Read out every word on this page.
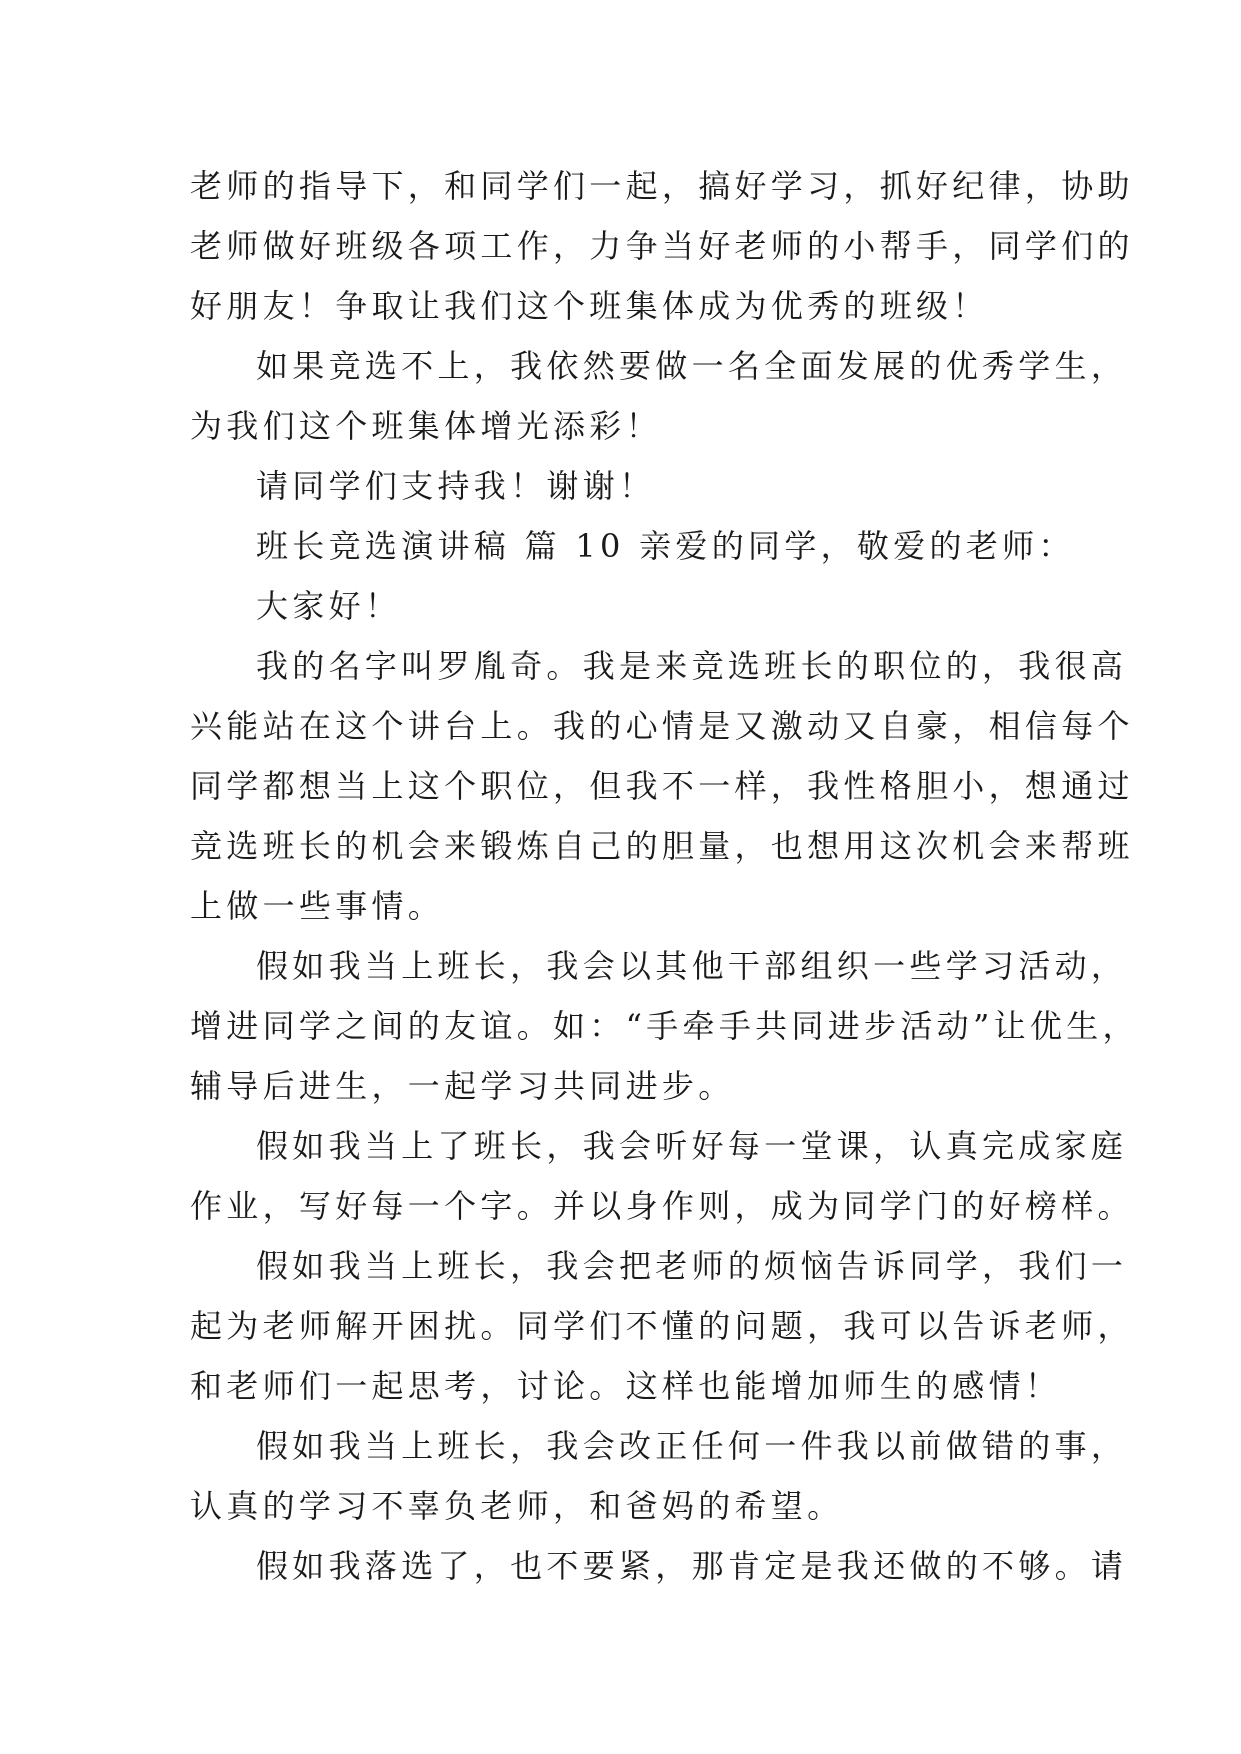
老师的指导下，和同学们一起，搞好学习，抓好纪律，协助
老师做好班级各项工作，力争当好老师的小帮手，同学们的
好朋友！争取让我们这个班集体成为优秀的班级！
如果竞选不上，我依然要做一名全面发展的优秀学生，
为我们这个班集体增光添彩！
请同学们支持我！谢谢！
班长竞选演讲稿 篇 10 亲爱的同学，敬爱的老师：
大家好！
我的名字叫罗胤奇。我是来竞选班长的职位的，我很高
兴能站在这个讲台上。我的心情是又激动又自豪，相信每个
同学都想当上这个职位，但我不一样，我性格胆小，想通过
竞选班长的机会来锻炼自己的胆量，也想用这次机会来帮班
上做一些事情。
假如我当上班长，我会以其他干部组织一些学习活动，
增进同学之间的友谊。如：“手牵手共同进步活动”让优生，
辅导后进生，一起学习共同进步。
假如我当上了班长，我会听好每一堂课，认真完成家庭
作业，写好每一个字。并以身作则，成为同学门的好榜样。
假如我当上班长，我会把老师的烦恼告诉同学，我们一
起为老师解开困扰。同学们不懂的问题，我可以告诉老师，
和老师们一起思考，讨论。这样也能增加师生的感情！
假如我当上班长，我会改正任何一件我以前做错的事，
认真的学习不辜负老师，和爸妈的希望。
假如我落选了，也不要紧，那肯定是我还做的不够。请
